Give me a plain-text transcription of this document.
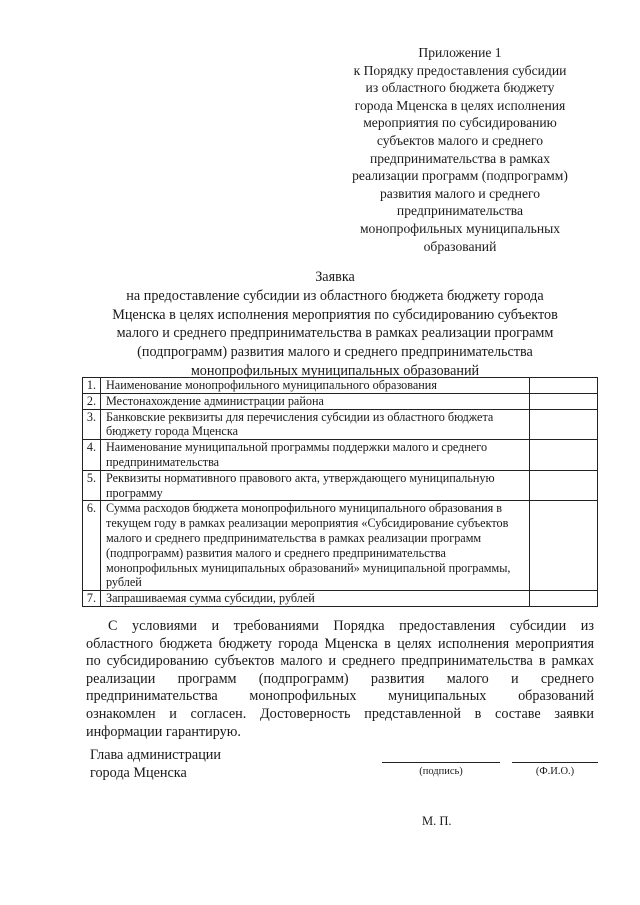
Приложение 1
к Порядку предоставления субсидии
из областного бюджета бюджету
города Мценска в целях исполнения
мероприятия по субсидированию
субъектов малого и среднего
предпринимательства в рамках
реализации программ (подпрограмм)
развития малого и среднего
предпринимательства
монопрофильных муниципальных
образований
Заявка
на предоставление субсидии из областного бюджета бюджету города
Мценска в целях исполнения мероприятия по субсидированию субъектов
малого и среднего предпринимательства в рамках реализации программ
(подпрограмм) развития малого и среднего предпринимательства
монопрофильных муниципальных образований
1.	Наименование монопрофильного муниципального образования	
2.	Местонахождение администрации района	
3.	Банковские реквизиты для перечисления субсидии из областного бюджета бюджету города Мценска	
4.	Наименование муниципальной программы поддержки малого и среднего предпринимательства	
5.	Реквизиты нормативного правового акта, утверждающего муниципальную программу	
6.	Сумма расходов бюджета монопрофильного муниципального образования в текущем году в рамках реализации мероприятия «Субсидирование субъектов малого и среднего предпринимательства в рамках реализации программ (подпрограмм) развития малого и среднего предпринимательства монопрофильных муниципальных образований» муниципальной программы, рублей	
7.	Запрашиваемая сумма субсидии, рублей	
С условиями и требованиями Порядка предоставления субсидии из
областного бюджета бюджету города Мценска в целях исполнения мероприятия
по субсидированию субъектов малого и среднего предпринимательства в рамках
реализации программ (подпрограмм) развития малого и среднего
предпринимательства монопрофильных муниципальных образований
ознакомлен и согласен. Достоверность представленной в составе заявки
информации гарантирую.
Глава администрации
города Мценска	(подпись)	(Ф.И.О.)
М. П.
